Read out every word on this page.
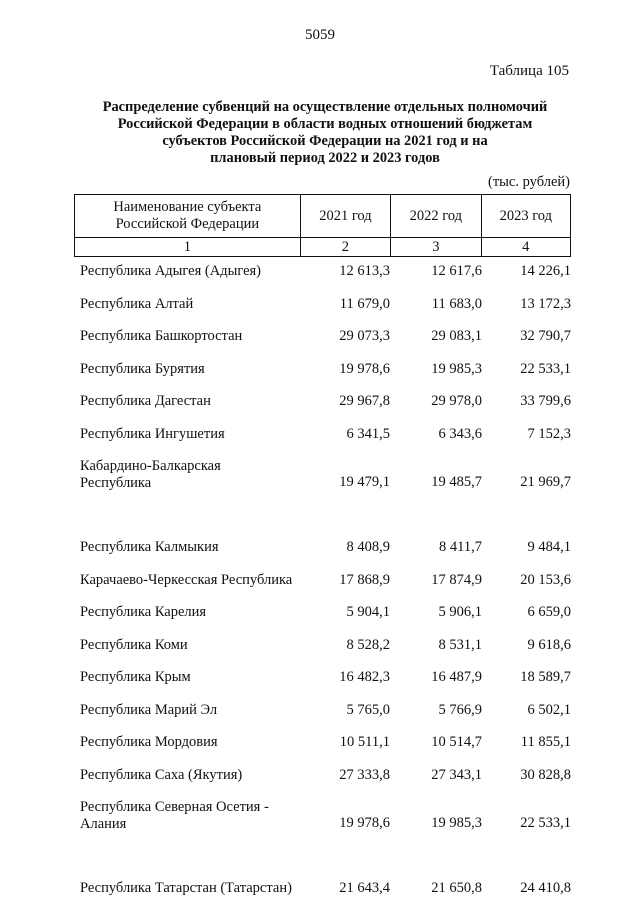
5059
Таблица 105
Распределение субвенций на осуществление отдельных полномочий
Российской Федерации в области водных отношений бюджетам
субъектов Российской Федерации на 2021 год и на
плановый период 2022 и 2023 годов
(тыс. рублей)
Наименование субъекта
Российской Федерации	2021 год	2022 год	2023 год
1	2	3	4
Республика Адыгея (Адыгея)	12 613,3	12 617,6	14 226,1
Республика Алтай	11 679,0	11 683,0	13 172,3
Республика Башкортостан	29 073,3	29 083,1	32 790,7
Республика Бурятия	19 978,6	19 985,3	22 533,1
Республика Дагестан	29 967,8	29 978,0	33 799,6
Республика Ингушетия	6 341,5	6 343,6	7 152,3
Кабардино-Балкарская Республика	19 479,1	19 485,7	21 969,7
Республика Калмыкия	8 408,9	8 411,7	9 484,1
Карачаево-Черкесская Республика	17 868,9	17 874,9	20 153,6
Республика Карелия	5 904,1	5 906,1	6 659,0
Республика Коми	8 528,2	8 531,1	9 618,6
Республика Крым	16 482,3	16 487,9	18 589,7
Республика Марий Эл	5 765,0	5 766,9	6 502,1
Республика Мордовия	10 511,1	10 514,7	11 855,1
Республика Саха (Якутия)	27 333,8	27 343,1	30 828,8
Республика Северная Осетия - Алания	19 978,6	19 985,3	22 533,1
Республика Татарстан (Татарстан)	21 643,4	21 650,8	24 410,8
